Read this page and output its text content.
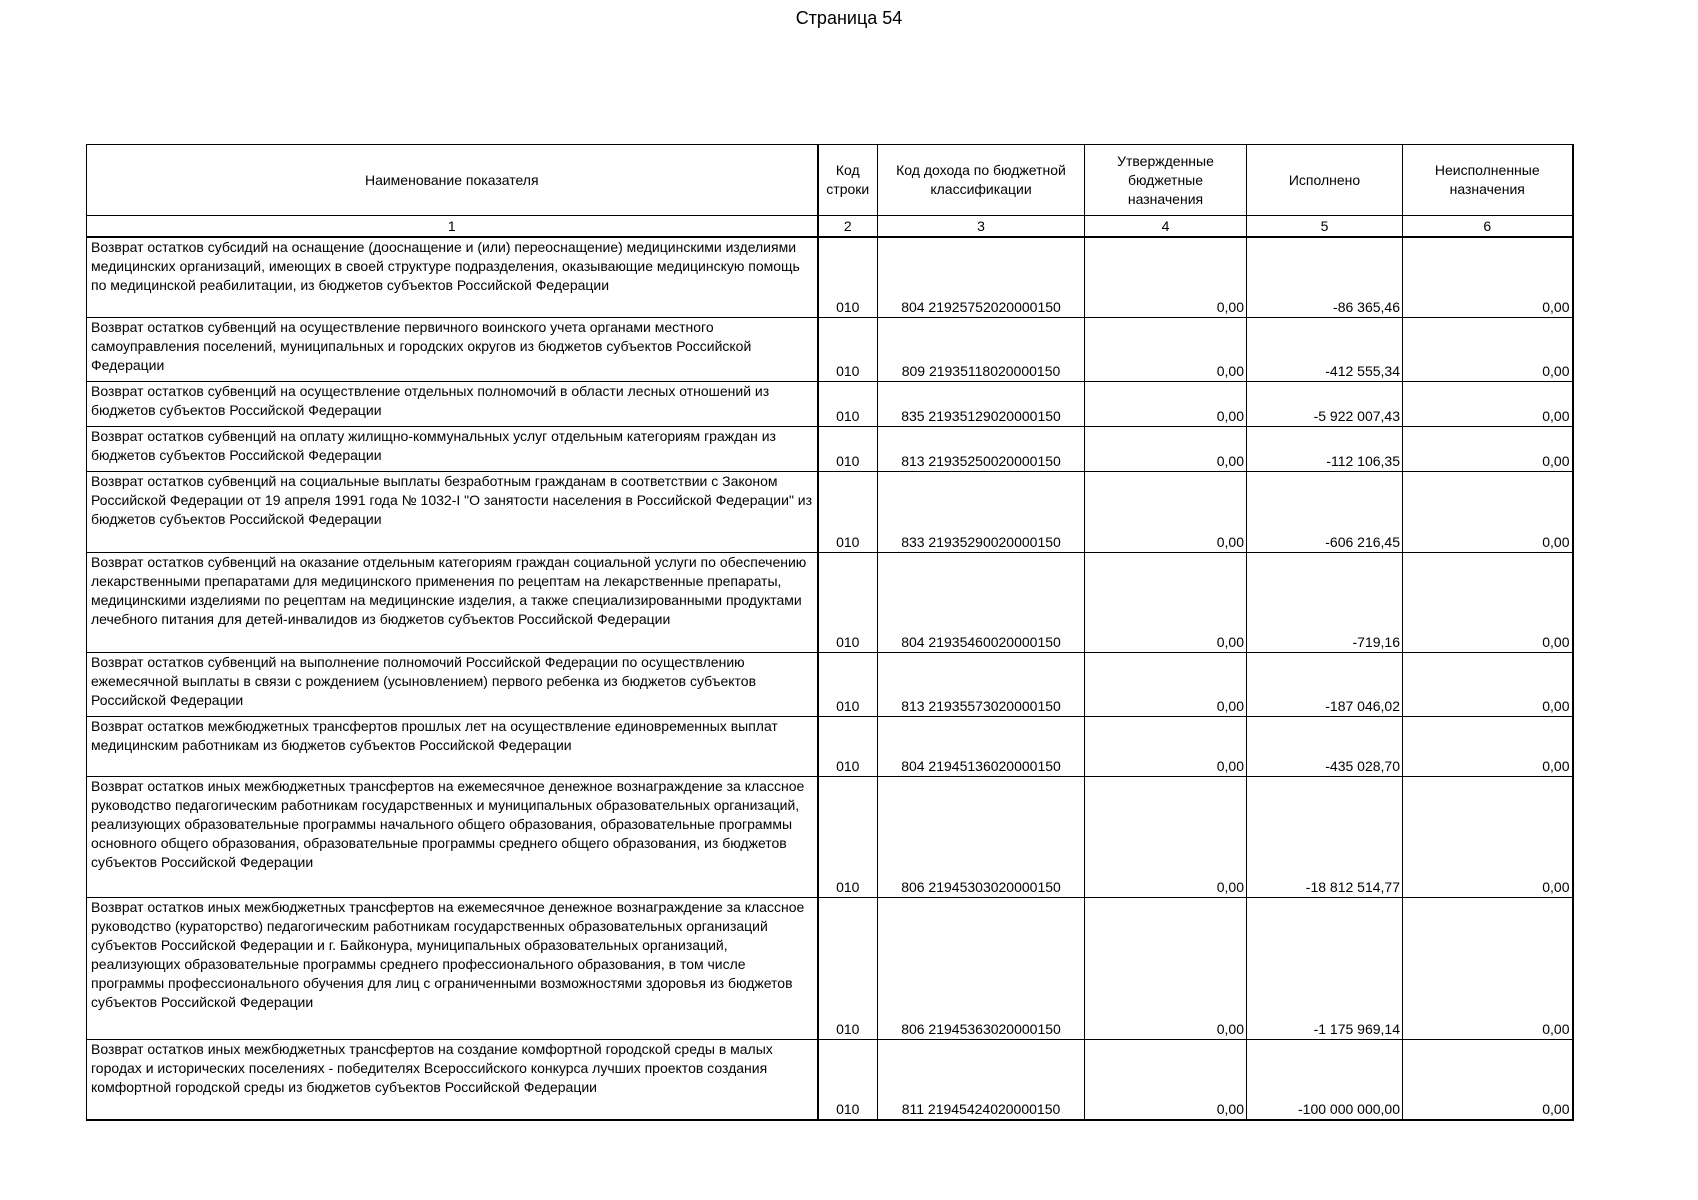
Страница 54
Наименование показателя	Код строки	Код дохода по бюджетной классификации	Утвержденные бюджетные назначения	Исполнено	Неисполненные назначения
1	2	3	4	5	6
Возврат остатков субсидий на оснащение (дооснащение и (или) переоснащение) медицинскими изделиями медицинских организаций, имеющих в своей структуре подразделения, оказывающие медицинскую помощь по медицинской реабилитации, из бюджетов субъектов Российской Федерации	010	804 21925752020000150	0,00	-86 365,46	0,00
Возврат остатков субвенций на осуществление первичного воинского учета органами местного самоуправления поселений, муниципальных и городских округов из бюджетов субъектов Российской Федерации	010	809 21935118020000150	0,00	-412 555,34	0,00
Возврат остатков субвенций на осуществление отдельных полномочий в области лесных отношений из бюджетов субъектов Российской Федерации	010	835 21935129020000150	0,00	-5 922 007,43	0,00
Возврат остатков субвенций на оплату жилищно-коммунальных услуг отдельным категориям граждан из бюджетов субъектов Российской Федерации	010	813 21935250020000150	0,00	-112 106,35	0,00
Возврат остатков субвенций на социальные выплаты безработным гражданам в соответствии с Законом Российской Федерации от 19 апреля 1991 года № 1032-I "О занятости населения в Российской Федерации" из бюджетов субъектов Российской Федерации	010	833 21935290020000150	0,00	-606 216,45	0,00
Возврат остатков субвенций на оказание отдельным категориям граждан социальной услуги по обеспечению лекарственными препаратами для медицинского применения по рецептам на лекарственные препараты, медицинскими изделиями по рецептам на медицинские изделия, а также специализированными продуктами лечебного питания для детей-инвалидов из бюджетов субъектов Российской Федерации	010	804 21935460020000150	0,00	-719,16	0,00
Возврат остатков субвенций на выполнение полномочий Российской Федерации по осуществлению ежемесячной выплаты в связи с рождением (усыновлением) первого ребенка из бюджетов субъектов Российской Федерации	010	813 21935573020000150	0,00	-187 046,02	0,00
Возврат остатков межбюджетных трансфертов прошлых лет на осуществление единовременных выплат медицинским работникам из бюджетов субъектов Российской Федерации	010	804 21945136020000150	0,00	-435 028,70	0,00
Возврат остатков иных межбюджетных трансфертов на ежемесячное денежное вознаграждение за классное руководство педагогическим работникам государственных и муниципальных образовательных организаций, реализующих образовательные программы начального общего образования, образовательные программы основного общего образования, образовательные программы среднего общего образования, из бюджетов субъектов Российской Федерации	010	806 21945303020000150	0,00	-18 812 514,77	0,00
Возврат остатков иных межбюджетных трансфертов на ежемесячное денежное вознаграждение за классное руководство (кураторство) педагогическим работникам государственных образовательных организаций субъектов Российской Федерации и г. Байконура, муниципальных образовательных организаций, реализующих образовательные программы среднего профессионального образования, в том числе программы профессионального обучения для лиц с ограниченными возможностями здоровья из бюджетов субъектов Российской Федерации	010	806 21945363020000150	0,00	-1 175 969,14	0,00
Возврат остатков иных межбюджетных трансфертов на создание комфортной городской среды в малых городах и исторических поселениях - победителях Всероссийского конкурса лучших проектов создания комфортной городской среды из бюджетов субъектов Российской Федерации	010	811 21945424020000150	0,00	-100 000 000,00	0,00
